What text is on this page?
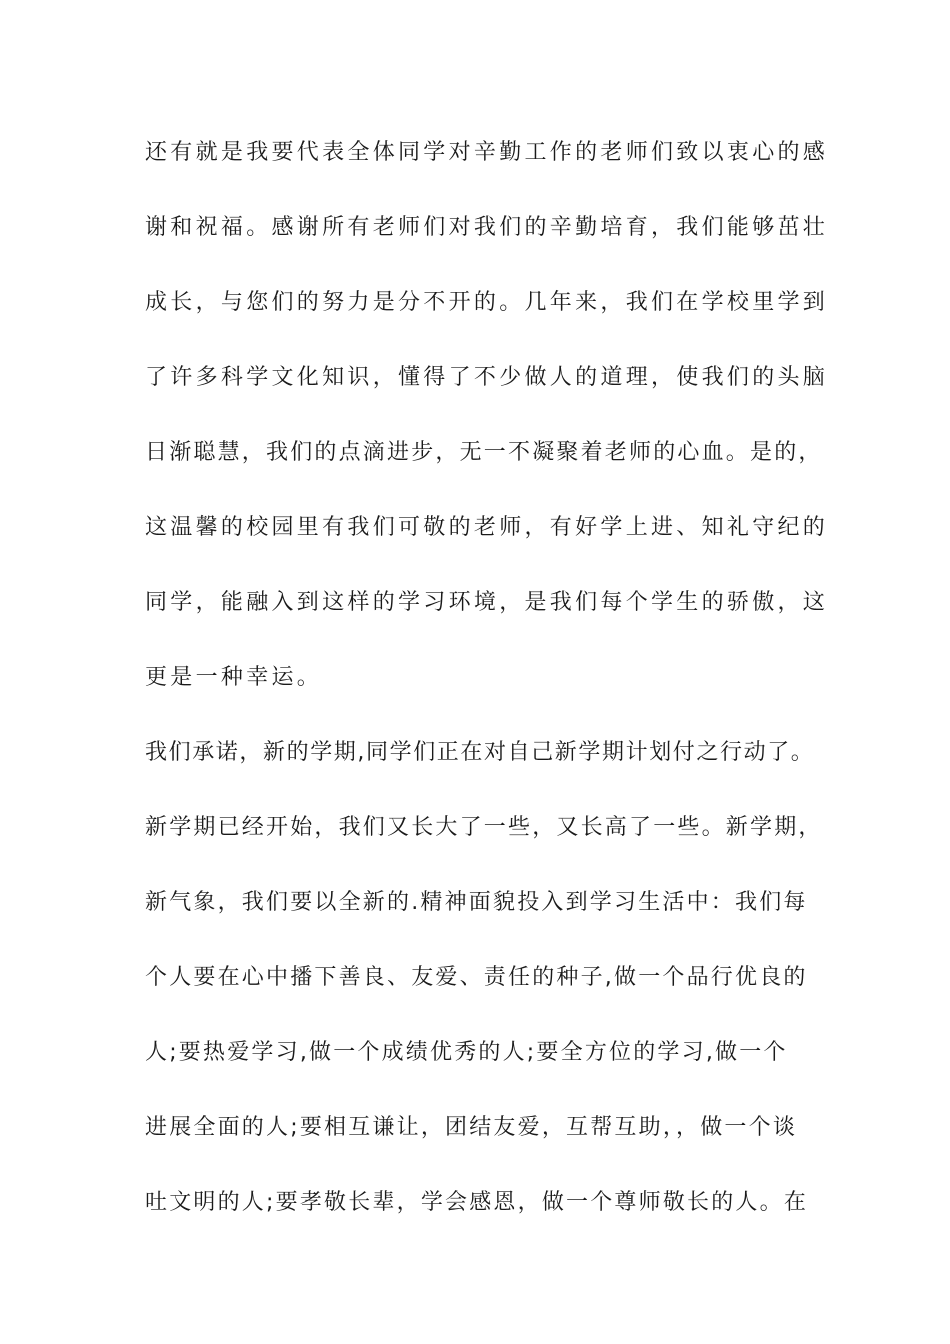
还有就是我要代表全体同学对辛勤工作的老师们致以衷心的感
谢和祝福。感谢所有老师们对我们的辛勤培育，我们能够茁壮
成长，与您们的努力是分不开的。几年来，我们在学校里学到
了许多科学文化知识，懂得了不少做人的道理，使我们的头脑
日渐聪慧，我们的点滴进步，无一不凝聚着老师的心血。是的，
这温馨的校园里有我们可敬的老师，有好学上进、知礼守纪的
同学，能融入到这样的学习环境，是我们每个学生的骄傲，这
更是一种幸运。
我们承诺，新的学期,同学们正在对自己新学期计划付之行动了。
新学期已经开始，我们又长大了一些，又长高了一些。新学期，
新气象，我们要以全新的.精神面貌投入到学习生活中：我们每
个人要在心中播下善良、友爱、责任的种子,做一个品行优良的
人;要热爱学习,做一个成绩优秀的人;要全方位的学习,做一个
进展全面的人;要相互谦让，团结友爱，互帮互助，，做一个谈
吐文明的人;要孝敬长辈，学会感恩，做一个尊师敬长的人。在
